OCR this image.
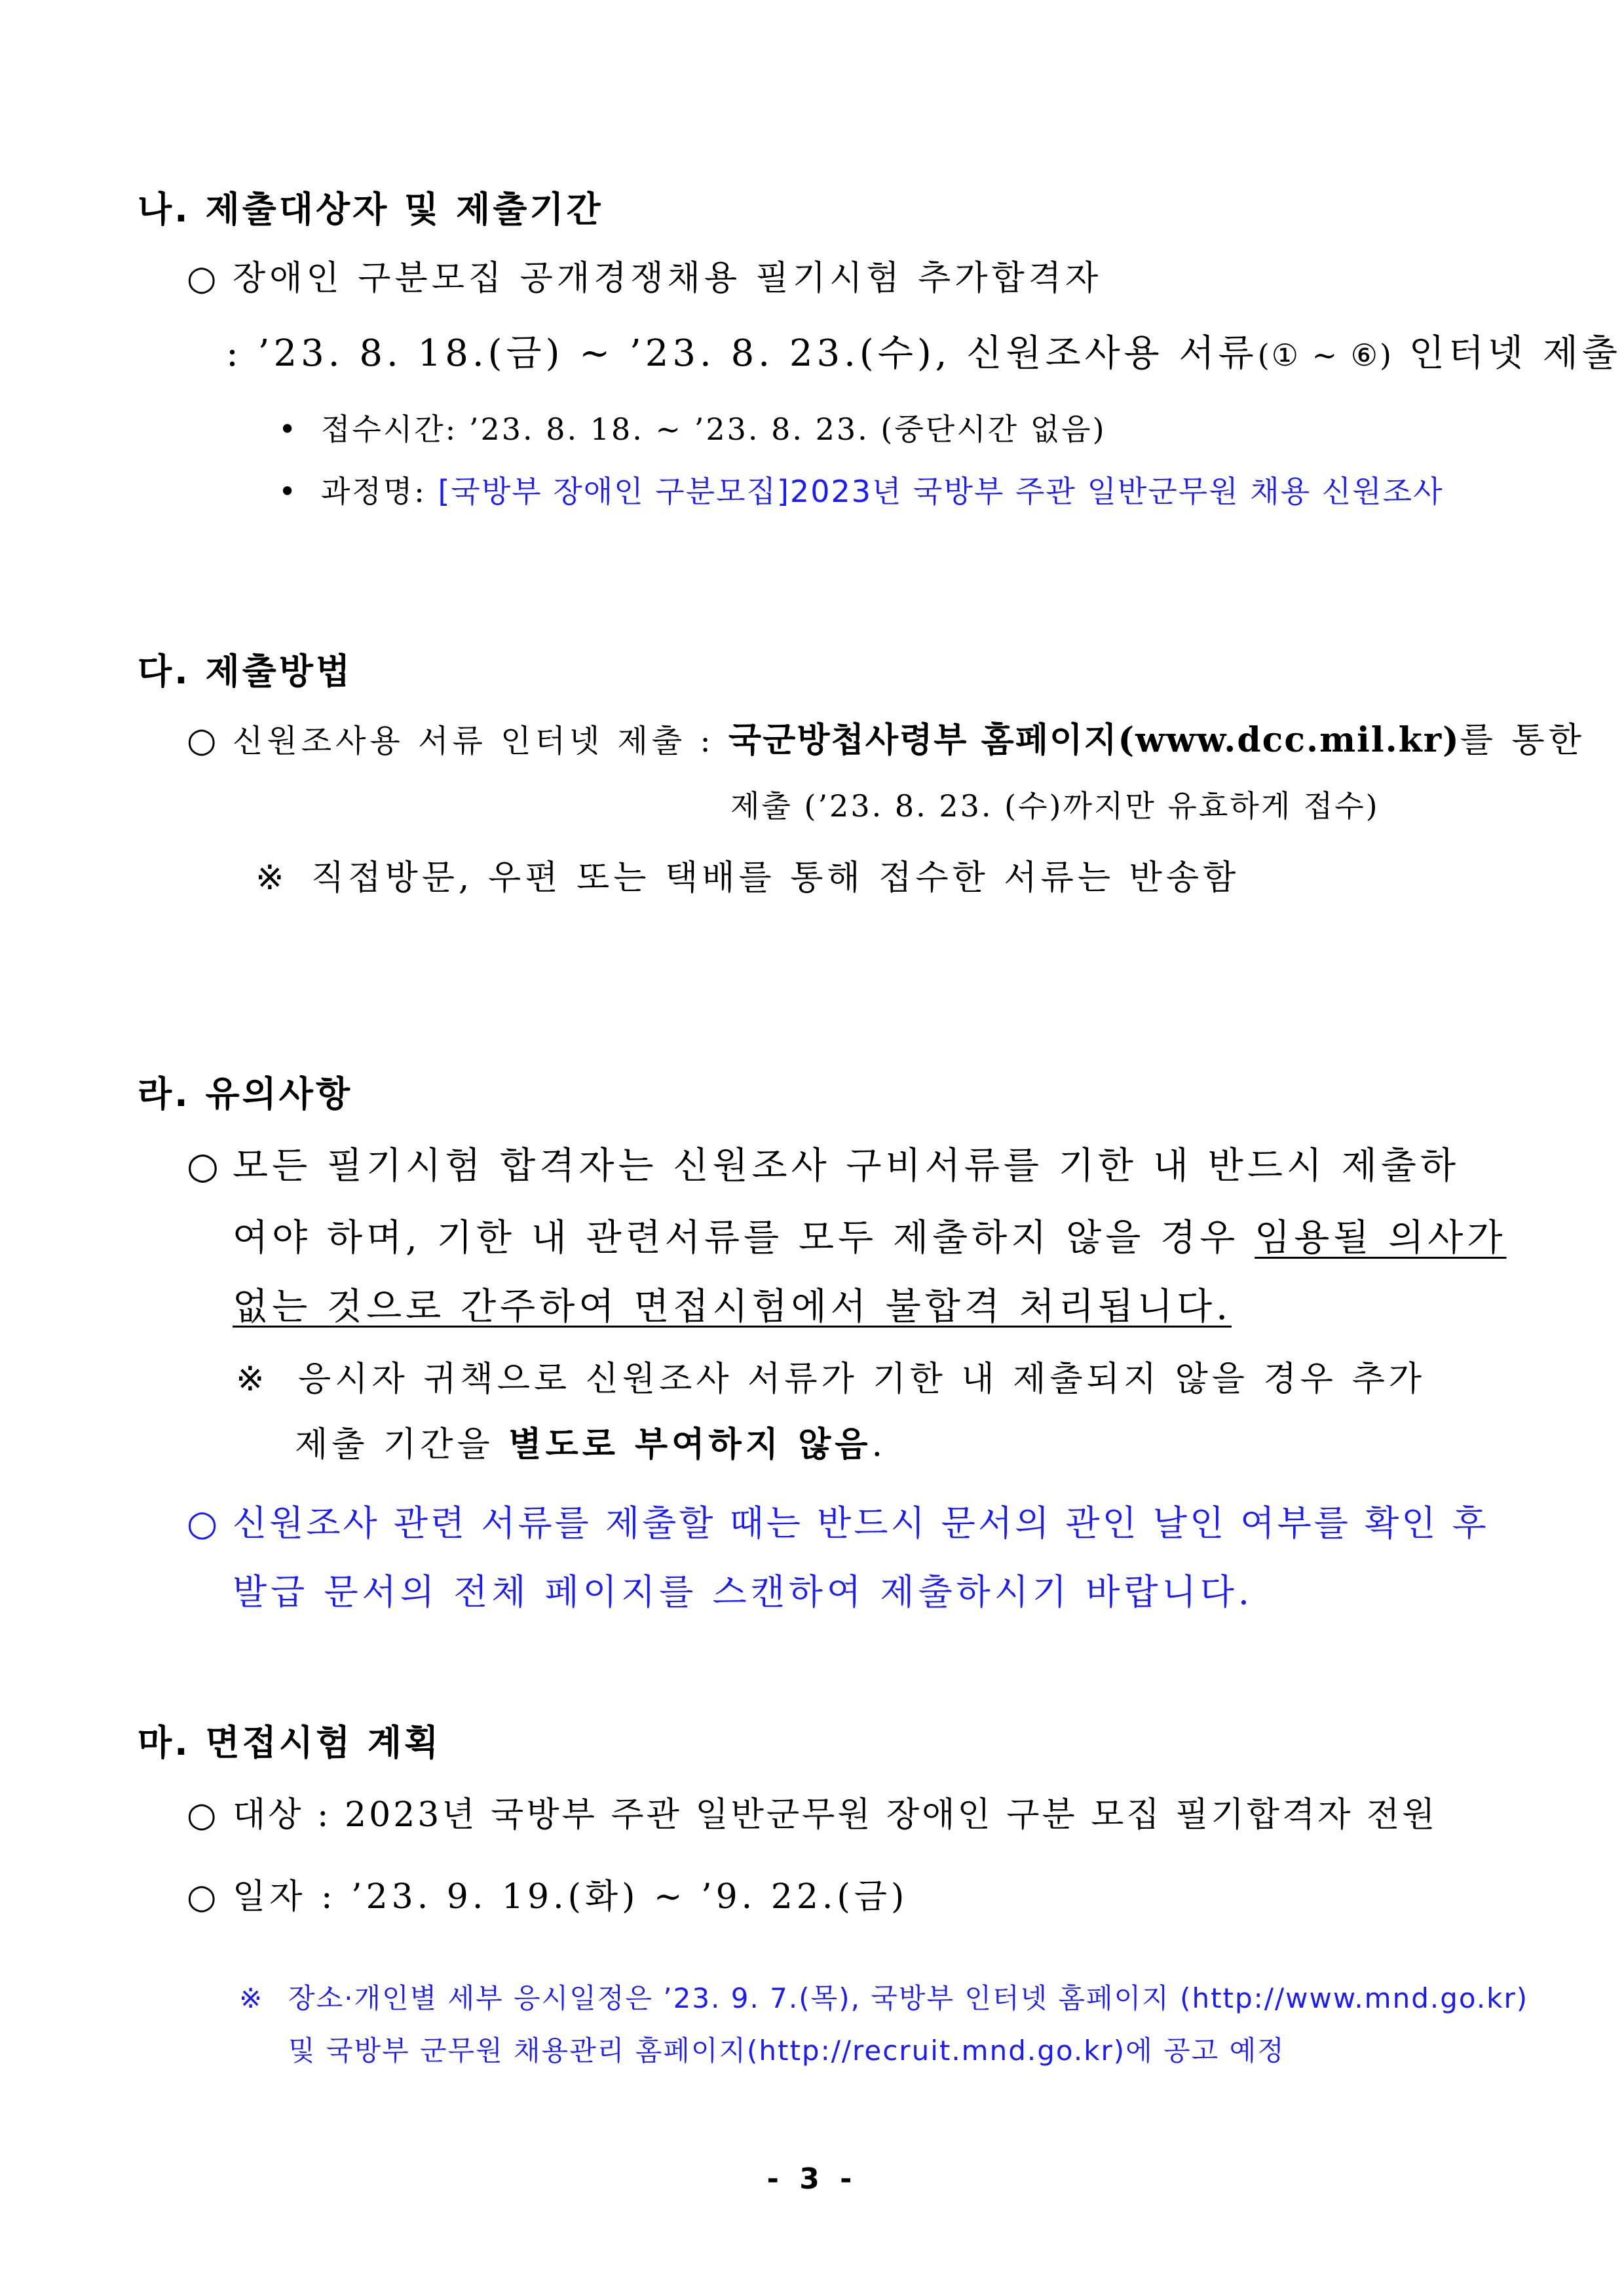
나. 제출대상자 및 제출기간
○ 장애인 구분모집 공개경쟁채용 필기시험 추가합격자
: ’23. 8. 18.(금) ~ ’23. 8. 23.(수), 신원조사용 서류(① ~ ⑥) 인터넷 제출
• 접수시간: ’23. 8. 18. ~ ’23. 8. 23. (중단시간 없음)
• 과정명: [국방부 장애인 구분모집]2023년 국방부 주관 일반군무원 채용 신원조사
다. 제출방법
○ 신원조사용 서류 인터넷 제출 : 국군방첩사령부 홈페이지(www.dcc.mil.kr)를 통한
제출 (’23. 8. 23. (수)까지만 유효하게 접수)
※ 직접방문, 우편 또는 택배를 통해 접수한 서류는 반송함
라. 유의사항
○ 모든 필기시험 합격자는 신원조사 구비서류를 기한 내 반드시 제출하
여야 하며, 기한 내 관련서류를 모두 제출하지 않을 경우 임용될 의사가
없는 것으로 간주하여 면접시험에서 불합격 처리됩니다.
※ 응시자 귀책으로 신원조사 서류가 기한 내 제출되지 않을 경우 추가
제출 기간을 별도로 부여하지 않음.
○ 신원조사 관련 서류를 제출할 때는 반드시 문서의 관인 날인 여부를 확인 후
발급 문서의 전체 페이지를 스캔하여 제출하시기 바랍니다.
마. 면접시험 계획
○ 대상 : 2023년 국방부 주관 일반군무원 장애인 구분 모집 필기합격자 전원
○ 일자 : ’23. 9. 19.(화) ~ ’9. 22.(금)
※ 장소·개인별 세부 응시일정은 ’23. 9. 7.(목), 국방부 인터넷 홈페이지 (http://www.mnd.go.kr)
및 국방부 군무원 채용관리 홈페이지(http://recruit.mnd.go.kr)에 공고 예정
- 3 -
